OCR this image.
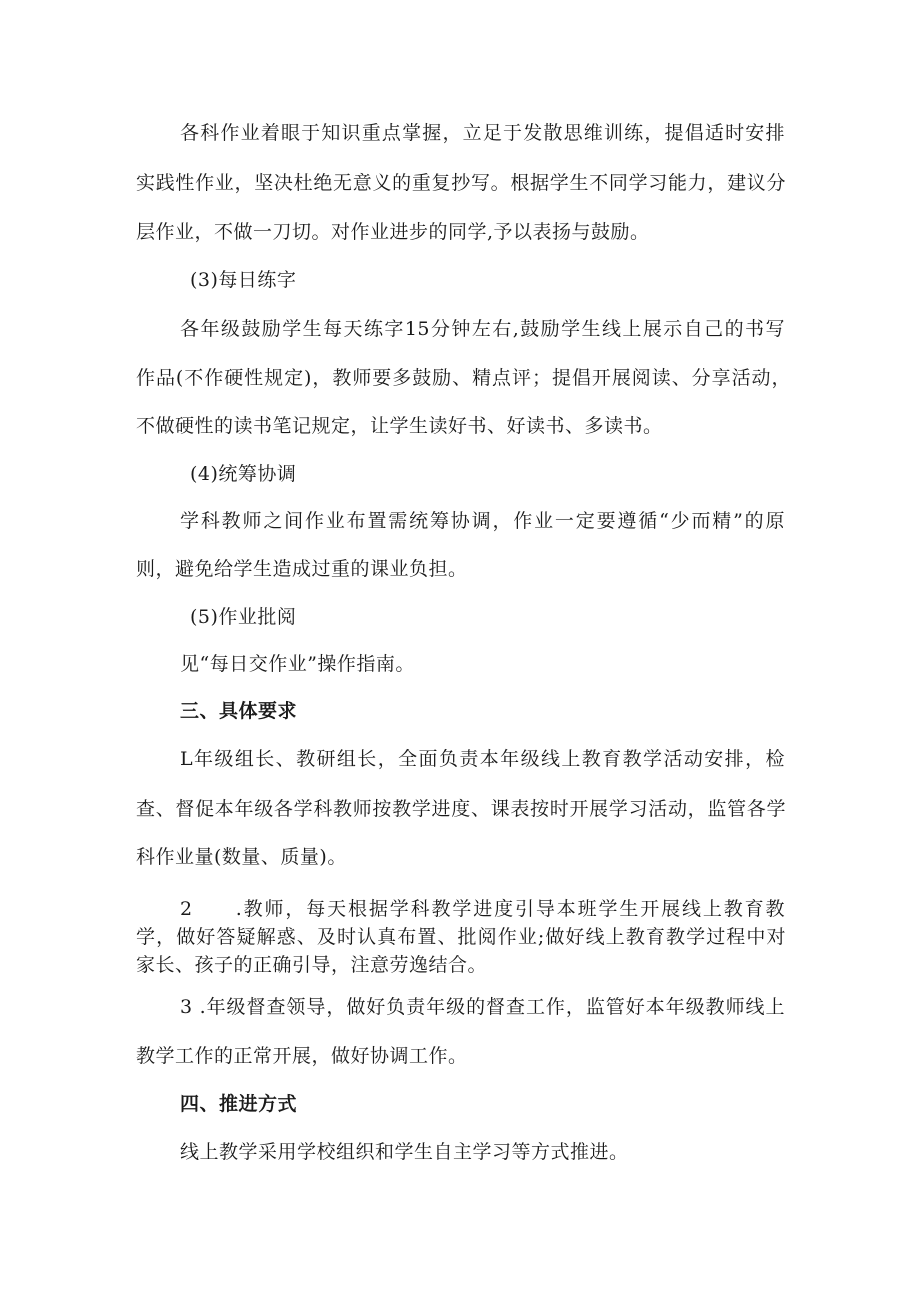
各科作业着眼于知识重点掌握，立足于发散思维训练，提倡适时安排
实践性作业，坚决杜绝无意义的重复抄写。根据学生不同学习能力，建议分
层作业，不做一刀切。对作业进步的同学,予以表扬与鼓励。
(3)每日练字
各年级鼓励学生每天练字15分钟左右,鼓励学生线上展示自己的书写
作品(不作硬性规定)，教师要多鼓励、精点评；提倡开展阅读、分享活动，
不做硬性的读书笔记规定，让学生读好书、好读书、多读书。
(4)统筹协调
学科教师之间作业布置需统筹协调，作业一定要遵循“少而精”的原
则，避免给学生造成过重的课业负担。
(5)作业批阅
见“每日交作业”操作指南。
三、具体要求
L年级组长、教研组长，全面负责本年级线上教育教学活动安排，检
查、督促本年级各学科教师按教学进度、课表按时开展学习活动，监管各学
科作业量(数量、质量)。
2　　.教师，每天根据学科教学进度引导本班学生开展线上教育教
学，做好答疑解惑、及时认真布置、批阅作业;做好线上教育教学过程中对
家长、孩子的正确引导，注意劳逸结合。
3 .年级督查领导，做好负责年级的督查工作，监管好本年级教师线上
教学工作的正常开展，做好协调工作。
四、推进方式
线上教学采用学校组织和学生自主学习等方式推进。
